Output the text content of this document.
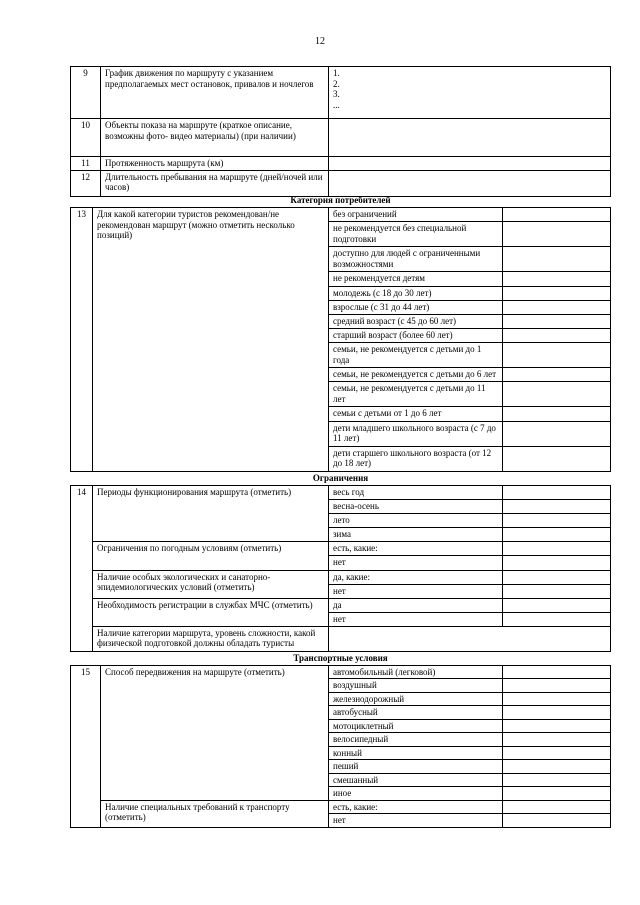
12
9	График движения по маршруту с указанием предполагаемых мест остановок, привалов и ночлегов	1.
2.
3.
...

10	Объекты показа на маршруте (краткое описание, возможны фото- видео материалы) (при наличии)	
11	Протяженность маршрута (км)	
12	Длительность пребывания на маршруте (дней/ночей или часов)	
Категория потребителей			
13	Для какой категории туристов рекомендован/не рекомендован маршрут (можно отметить несколько позиций)	без ограничений	
		не рекомендуется без специальной подготовки	
		доступно для людей с ограниченными возможностями	
		не рекомендуется детям	
		молодежь (с 18 до 30 лет)	
		взрослые (с 31 до 44 лет)	
		средний возраст (с 45 до 60 лет)	
		старший возраст (более 60 лет)	
		семьи, не рекомендуется с детьми до 1 года	
		семьи, не рекомендуется с детьми до 6 лет	
		семьи, не рекомендуется с детьми до 11 лет	
		семьи с детьми от 1 до 6 лет	
		дети младшего школьного возраста (с 7 до 11 лет)	
		дети старшего школьного возраста (от 12 до 18 лет)	
Ограничения			
14	Периоды функционирования маршрута (отметить)	весь год	
		весна-осень	
		лето	
		зима	
	Ограничения по погодным условиям (отметить)	есть, какие:	
		нет	
	Наличие особых экологических и санаторно-эпидемиологических условий (отметить)	да, какие:	
		нет	
	Необходимость регистрации в службах МЧС (отметить)	да	
		нет	
	Наличие категории маршрута, уровень сложности, какой физической подготовкой должны обладать туристы		
Транспортные условия			
15	Способ передвижения на маршруте (отметить)	автомобильный (легковой)	
		воздушный	
		железнодорожный	
		автобусный	
		мотоциклетный	
		велосипедный	
		конный	
		пеший	
		смешанный	
		иное	
	Наличие специальных требований к транспорту (отметить)	есть, какие:	
		нет	
